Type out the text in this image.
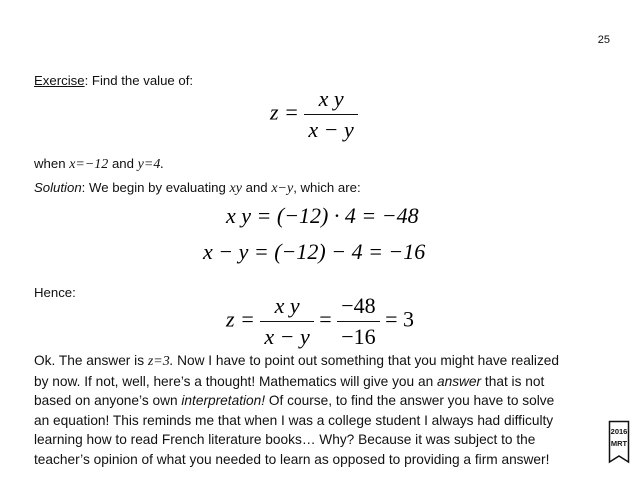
25
Exercise: Find the value of:
$z = \frac{\text{x y}}{x - y}$
when x=−12 and y=4.
Solution: We begin by evaluating xy and x−y, which are:
x y = (−12) · 4 = −48
x − y = (−12) − 4 = −16
Hence:
$z = \frac{\text{x y}}{x - y} = \frac{-48}{-16} = 3$
Ok. The answer is z=3. Now I have to point out something that you might have realized
by now. If not, well, here’s a thought! Mathematics will give you an answer that is not
based on anyone’s own interpretation! Of course, to find the answer you have to solve
an equation! This reminds me that when I was a college student I always had difficulty
learning how to read French literature books… Why? Because it was subject to the
teacher’s opinion of what you needed to learn as opposed to providing a firm answer!
2016
MRT
